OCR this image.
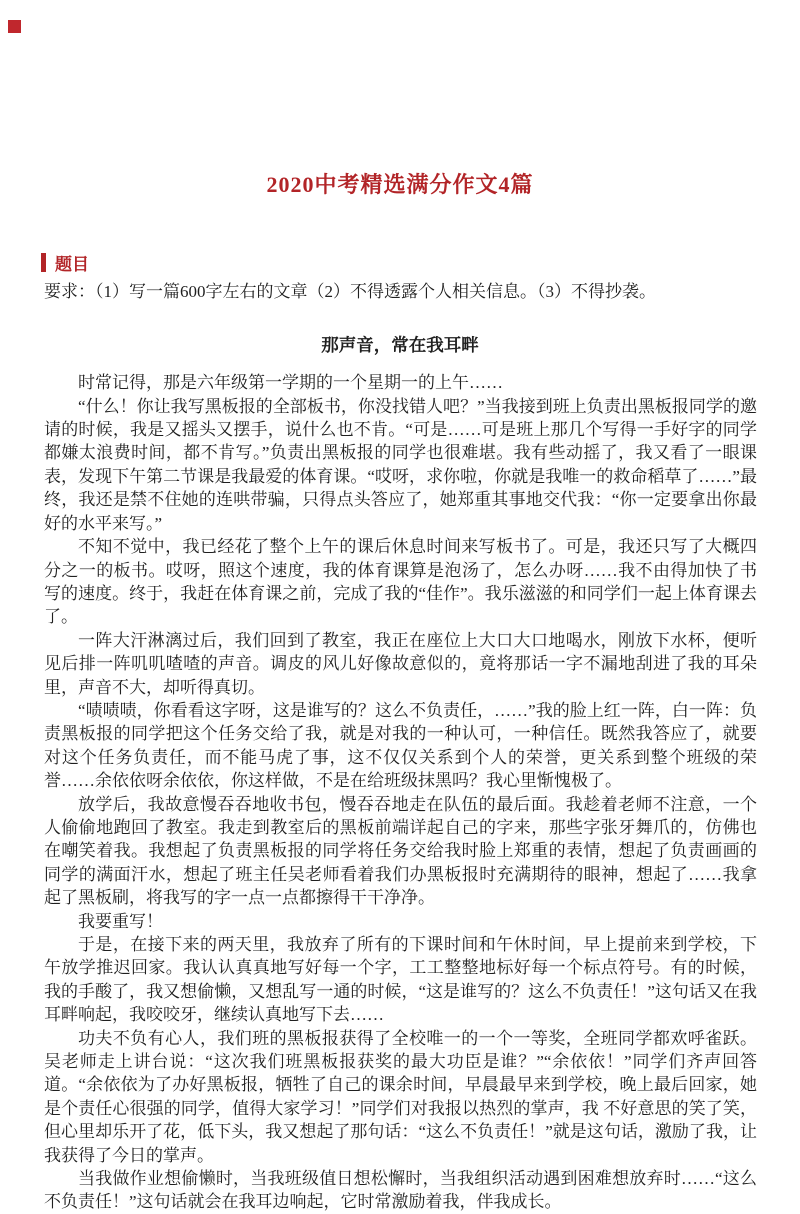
2020中考精选满分作文4篇
题目
要求：（1）写一篇600字左右的文章（2）不得透露个人相关信息。（3）不得抄袭。
那声音，常在我耳畔

时常记得，那是六年级第一学期的一个星期一的上午……

“什么！你让我写黑板报的全部板书，你没找错人吧？”当我接到班上负责出黑板报同学的邀请的时候，我是又摇头又摆手，说什么也不肯。“可是……可是班上那几个写得一手好字的同学都嫌太浪费时间，都不肯写。”负责出黑板报的同学也很难堪。我有些动摇了，我又看了一眼课表，发现下午第二节课是我最爱的体育课。“哎呀，求你啦，你就是我唯一的救命稻草了……”最终，我还是禁不住她的连哄带骗，只得点头答应了，她郑重其事地交代我：“你一定要拿出你最好的水平来写。”

不知不觉中，我已经花了整个上午的课后休息时间来写板书了。可是，我还只写了大概四分之一的板书。哎呀，照这个速度，我的体育课算是泡汤了，怎么办呀……我不由得加快了书写的速度。终于，我赶在体育课之前，完成了我的“佳作”。我乐滋滋的和同学们一起上体育课去了。

一阵大汗淋漓过后，我们回到了教室，我正在座位上大口大口地喝水，刚放下水杯，便听见后排一阵叽叽喳喳的声音。调皮的风儿好像故意似的，竟将那话一字不漏地刮进了我的耳朵里，声音不大，却听得真切。

“啧啧啧，你看看这字呀，这是谁写的？这么不负责任，……”我的脸上红一阵，白一阵：负责黑板报的同学把这个任务交给了我，就是对我的一种认可，一种信任。既然我答应了，就要对这个任务负责任，而不能马虎了事，这不仅仅关系到个人的荣誉，更关系到整个班级的荣誉……余依依呀余依依，你这样做，不是在给班级抹黑吗？我心里惭愧极了。

放学后，我故意慢吞吞地收书包，慢吞吞地走在队伍的最后面。我趁着老师不注意，一个人偷偷地跑回了教室。我走到教室后的黑板前端详起自己的字来，那些字张牙舞爪的，仿佛也在嘲笑着我。我想起了负责黑板报的同学将任务交给我时脸上郑重的表情，想起了负责画画的同学的满面汗水，想起了班主任吴老师看着我们办黑板报时充满期待的眼神，想起了……我拿起了黑板刷，将我写的字一点一点都擦得干干净净。

我要重写！

于是，在接下来的两天里，我放弃了所有的下课时间和午休时间，早上提前来到学校，下午放学推迟回家。我认认真真地写好每一个字，工工整整地标好每一个标点符号。有的时候，我的手酸了，我又想偷懒，又想乱写一通的时候，“这是谁写的？这么不负责任！”这句话又在我耳畔响起，我咬咬牙，继续认真地写下去……

功夫不负有心人，我们班的黑板报获得了全校唯一的一个一等奖，全班同学都欢呼雀跃。吴老师走上讲台说：“这次我们班黑板报获奖的最大功臣是谁？”“余依依！”同学们齐声回答道。“余依依为了办好黑板报，牺牲了自己的课余时间，早晨最早来到学校，晚上最后回家，她是个责任心很强的同学，值得大家学习！”同学们对我报以热烈的掌声，我 不好意思的笑了笑，但心里却乐开了花，低下头，我又想起了那句话：“这么不负责任！”就是这句话，激励了我，让我获得了今日的掌声。

当我做作业想偷懒时，当我班级值日想松懈时，当我组织活动遇到困难想放弃时……“这么不负责任！”这句话就会在我耳边响起，它时常激励着我，伴我成长。
